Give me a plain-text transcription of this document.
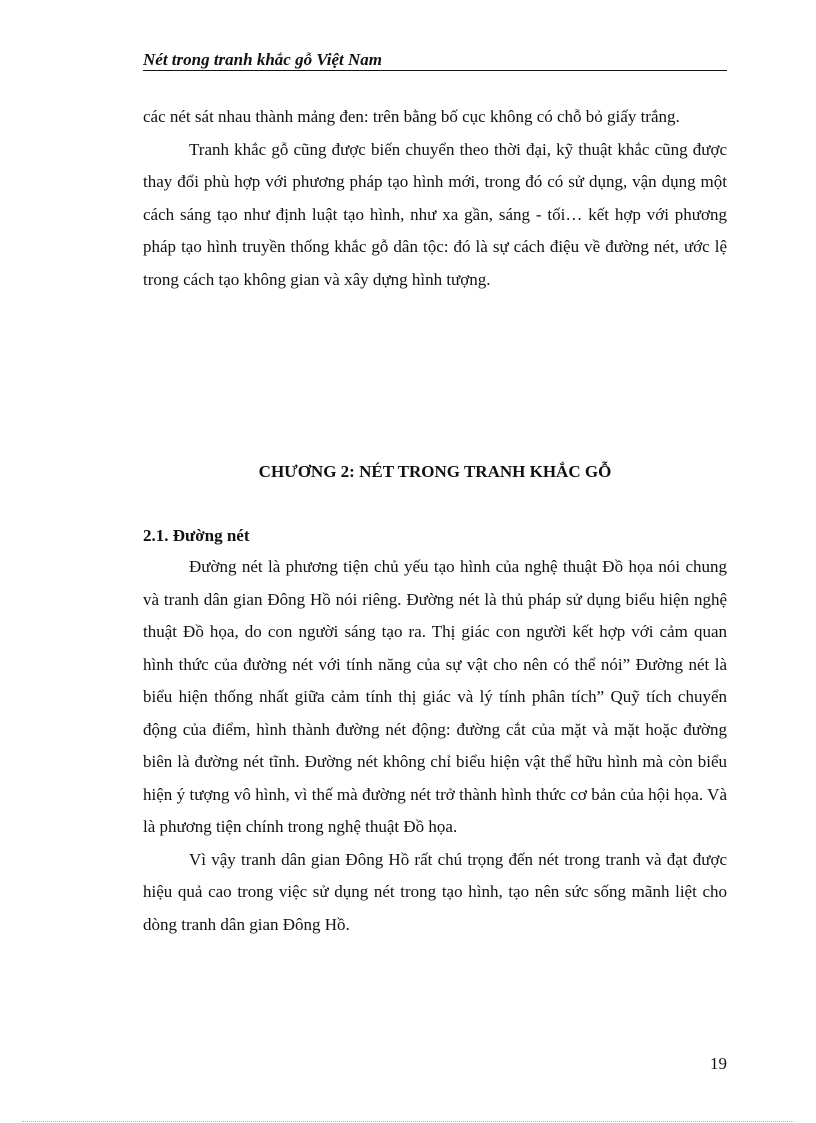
Nét trong tranh khắc gỗ Việt Nam

các nét sát nhau thành mảng đen: trên bằng bố cục không có chỗ bỏ giấy trắng.

Tranh khắc gỗ cũng được biến chuyển theo thời đại, kỹ thuật khắc cũng được thay đổi phù hợp với phương pháp tạo hình mới, trong đó có sử dụng, vận dụng một cách sáng tạo như định luật tạo hình, như xa gần, sáng - tối… kết hợp với phương pháp tạo hình truyền thống khắc gỗ dân tộc: đó là sự cách điệu về đường nét, ước lệ trong cách tạo không gian và xây dựng hình tượng.

CHƯƠNG 2: NÉT TRONG TRANH KHẮC GỖ
2.1. Đường nét

Đường nét là phương tiện chủ yếu tạo hình của nghệ thuật Đồ họa nói chung và tranh dân gian Đông Hồ nói riêng. Đường nét là thủ pháp sử dụng biểu hiện nghệ thuật Đồ họa, do con người sáng tạo ra. Thị giác con người kết hợp với cảm quan hình thức của đường nét với tính năng của sự vật cho nên có thể nói” Đường nét là biểu hiện thống nhất giữa cảm tính thị giác và lý tính phân tích” Quỹ tích chuyển động của điểm, hình thành đường nét động: đường cắt của mặt và mặt hoặc đường biên là đường nét tĩnh. Đường nét không chỉ biểu hiện vật thể hữu hình mà còn biểu hiện ý tượng vô hình, vì thế mà đường nét trở thành hình thức cơ bản của hội họa. Và là phương tiện chính trong nghệ thuật Đồ họa.

Vì vậy tranh dân gian Đông Hồ rất chú trọng đến nét trong tranh và đạt được hiệu quả cao trong việc sử dụng nét trong tạo hình, tạo nên sức sống mãnh liệt cho dòng tranh dân gian Đông Hồ.

19
